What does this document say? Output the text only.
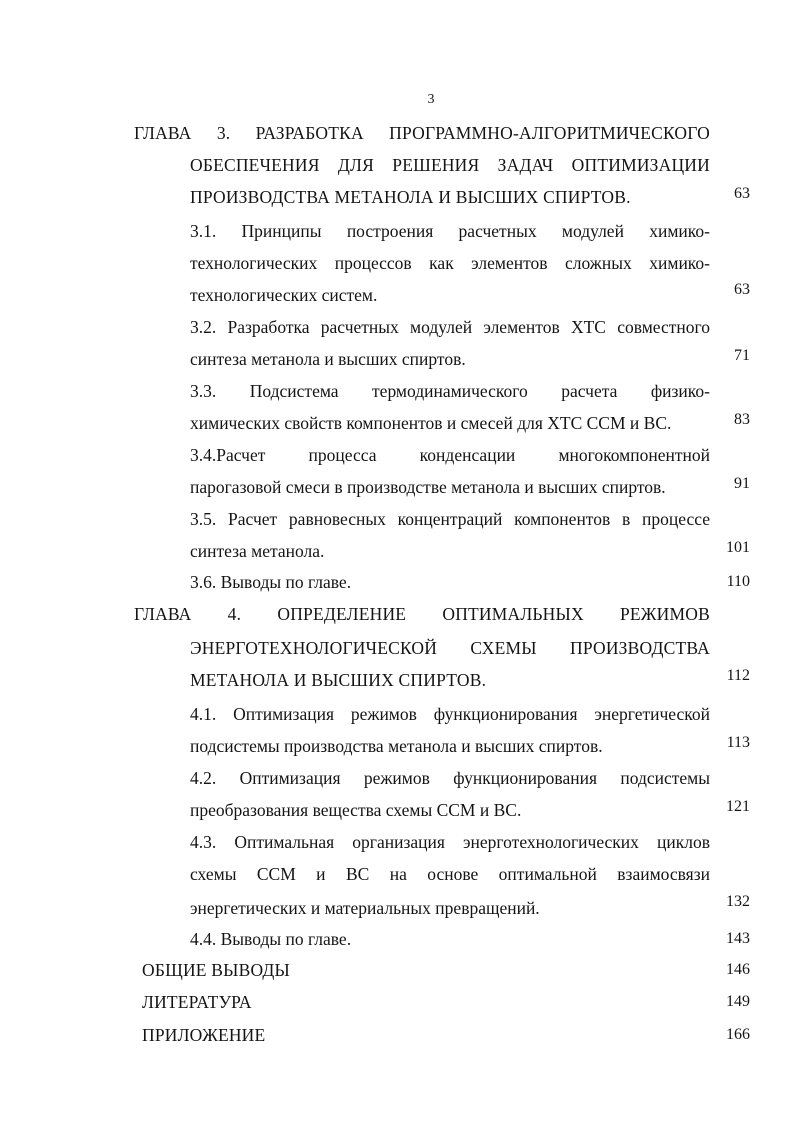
3
ГЛАВА 3. РАЗРАБОТКА ПРОГРАММНО-АЛГОРИТМИЧЕСКОГО
ОБЕСПЕЧЕНИЯ ДЛЯ РЕШЕНИЯ ЗАДАЧ ОПТИМИЗАЦИИ
ПРОИЗВОДСТВА МЕТАНОЛА И ВЫСШИХ СПИРТОВ.	63
3.1. Принципы построения расчетных модулей химико-
технологических процессов как элементов сложных химико-
технологических систем.	63
3.2. Разработка расчетных модулей элементов ХТС совместного
синтеза метанола и высших спиртов.	71
3.3. Подсистема термодинамического расчета физико-
химических свойств компонентов и смесей для ХТС ССМ и ВС.	83
3.4.Расчет процесса конденсации многокомпонентной
парогазовой смеси в производстве метанола и высших спиртов.	91
3.5. Расчет равновесных концентраций компонентов в процессе
синтеза метанола.	101
3.6. Выводы по главе.	110
ГЛАВА 4. ОПРЕДЕЛЕНИЕ ОПТИМАЛЬНЫХ РЕЖИМОВ
ЭНЕРГОТЕХНОЛОГИЧЕСКОЙ СХЕМЫ ПРОИЗВОДСТВА
МЕТАНОЛА И ВЫСШИХ СПИРТОВ.	112
4.1. Оптимизация режимов функционирования энергетической
подсистемы производства метанола и высших спиртов.	113
4.2. Оптимизация режимов функционирования подсистемы
преобразования вещества схемы ССМ и ВС.	121
4.3. Оптимальная организация энерготехнологических циклов
схемы ССМ и ВС на основе оптимальной взаимосвязи
энергетических и материальных превращений.	132
4.4. Выводы по главе.	143
ОБЩИЕ ВЫВОДЫ	146
ЛИТЕРАТУРА	149
ПРИЛОЖЕНИЕ	166
